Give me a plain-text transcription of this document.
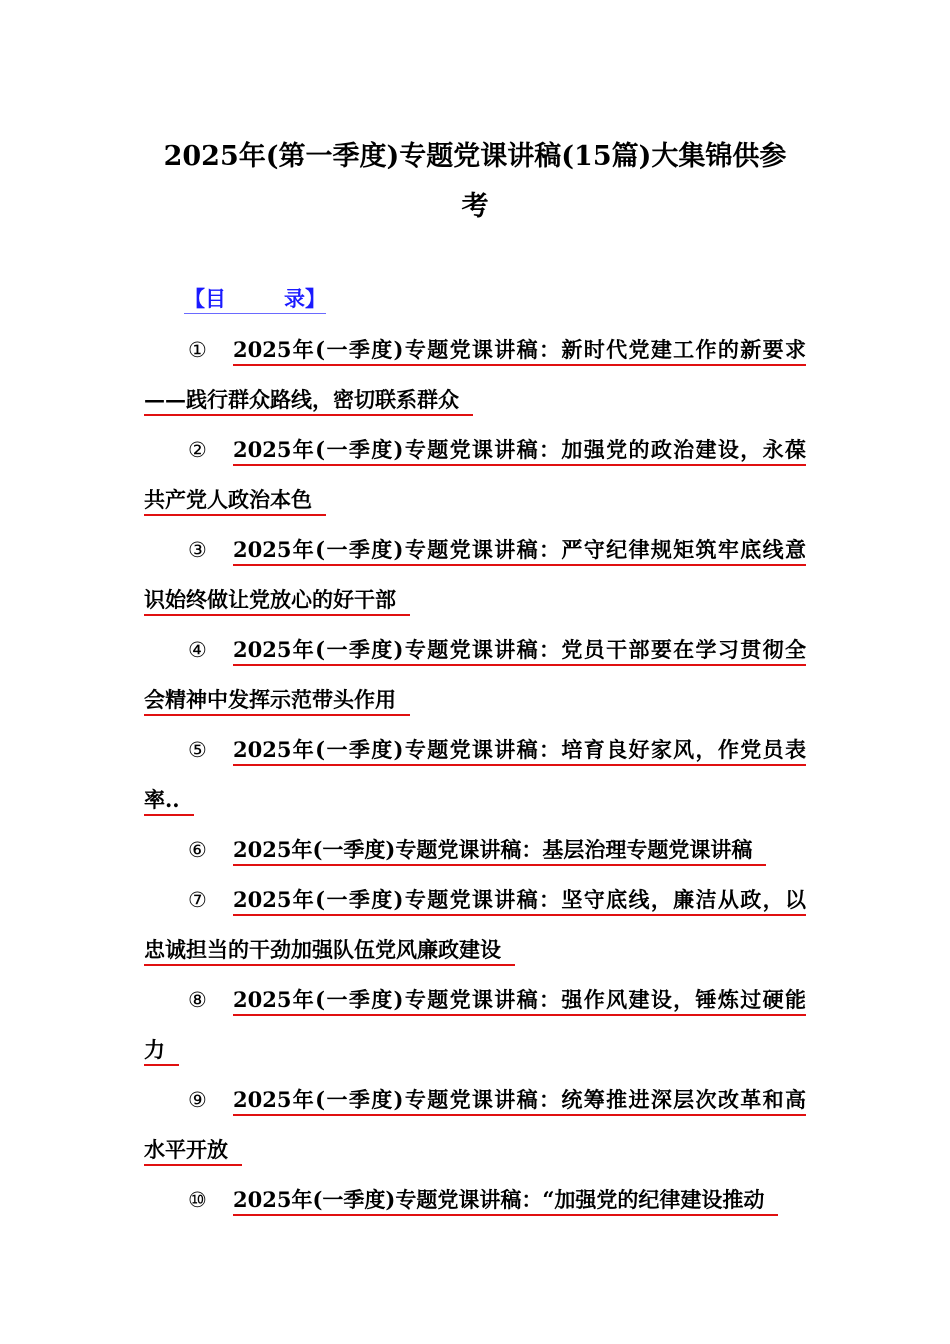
2025年(第一季度)专题党课讲稿(15篇)大集锦供参
考
【目	录】
① 2025年(一季度)专题党课讲稿：新时代党建工作的新要求
——践行群众路线，密切联系群众
② 2025年(一季度)专题党课讲稿：加强党的政治建设，永葆
共产党人政治本色
③ 2025年(一季度)专题党课讲稿：严守纪律规矩筑牢底线意
识始终做让党放心的好干部
④ 2025年(一季度)专题党课讲稿：党员干部要在学习贯彻全
会精神中发挥示范带头作用
⑤ 2025年(一季度)专题党课讲稿：培育良好家风，作党员表
率..
⑥ 2025年(一季度)专题党课讲稿：基层治理专题党课讲稿
⑦ 2025年(一季度)专题党课讲稿：坚守底线，廉洁从政，以
忠诚担当的干劲加强队伍党风廉政建设
⑧ 2025年(一季度)专题党课讲稿：强作风建设，锤炼过硬能
力
⑨ 2025年(一季度)专题党课讲稿：统筹推进深层次改革和高
水平开放
⑩ 2025年(一季度)专题党课讲稿：“加强党的纪律建设推动
